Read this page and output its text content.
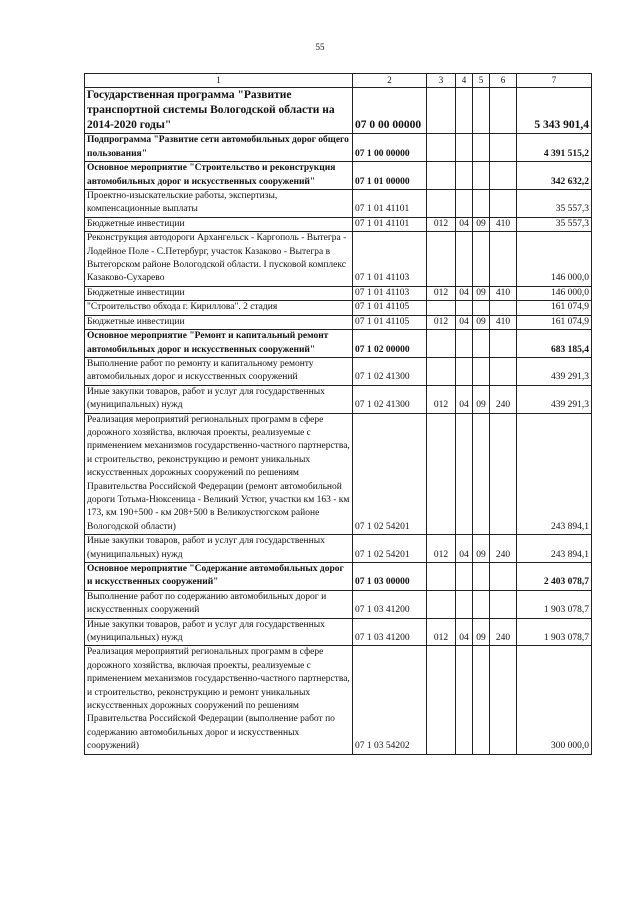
55
1	2	3	4	5	6	7
Государственная программа "Развитие транспортной системы Вологодской области на 2014-2020 годы"	07 0 00 00000					5 343 901,4
Подпрограмма "Развитие сети автомобильных дорог общего пользования"	07 1 00 00000					4 391 515,2
Основное мероприятие "Строительство и реконструкция автомобильных дорог и искусственных сооружений"	07 1 01 00000					342 632,2
Проектно-изыскательские работы, экспертизы, компенсационные выплаты	07 1 01 41101					35 557,3
Бюджетные инвестиции	07 1 01 41101	012	04	09	410	35 557,3
Реконструкция автодороги Архангельск - Каргополь - Вытегра - Лодейное Поле - С.Петербург, участок Казаково - Вытегра в Вытегорском районе Вологодской области. I пусковой комплекс Казаково-Сухарево	07 1 01 41103					146 000,0
Бюджетные инвестиции	07 1 01 41103	012	04	09	410	146 000,0
"Строительство обхода г. Кириллова". 2 стадия	07 1 01 41105					161 074,9
Бюджетные инвестиции	07 1 01 41105	012	04	09	410	161 074,9
Основное мероприятие "Ремонт и капитальный ремонт автомобильных дорог и искусственных сооружений"	07 1 02 00000					683 185,4
Выполнение работ по ремонту и капитальному ремонту автомобильных дорог и искусственных сооружений	07 1 02 41300					439 291,3
Иные закупки товаров, работ и услуг для государственных (муниципальных) нужд	07 1 02 41300	012	04	09	240	439 291,3
Реализация мероприятий региональных программ в сфере дорожного хозяйства, включая проекты, реализуемые с применением механизмов государственно-частного партнерства, и строительство, реконструкцию и ремонт уникальных искусственных дорожных сооружений по решениям Правительства Российской Федерации (ремонт автомобильной дороги Тотьма-Нюксеница - Великий Устюг, участки км 163 - км 173, км 190+500 - км 208+500 в Великоустюгском районе Вологодской области)	07 1 02 54201					243 894,1
Иные закупки товаров, работ и услуг для государственных (муниципальных) нужд	07 1 02 54201	012	04	09	240	243 894,1
Основное мероприятие "Содержание автомобильных дорог и искусственных сооружений"	07 1 03 00000					2 403 078,7
Выполнение работ по содержанию автомобильных дорог и искусственных сооружений	07 1 03 41200					1 903 078,7
Иные закупки товаров, работ и услуг для государственных (муниципальных) нужд	07 1 03 41200	012	04	09	240	1 903 078,7
Реализация мероприятий региональных программ в сфере дорожного хозяйства, включая проекты, реализуемые с применением механизмов государственно-частного партнерства, и строительство, реконструкцию и ремонт уникальных искусственных дорожных сооружений по решениям Правительства Российской Федерации (выполнение работ по содержанию автомобильных дорог и искусственных сооружений)	07 1 03 54202					300 000,0
